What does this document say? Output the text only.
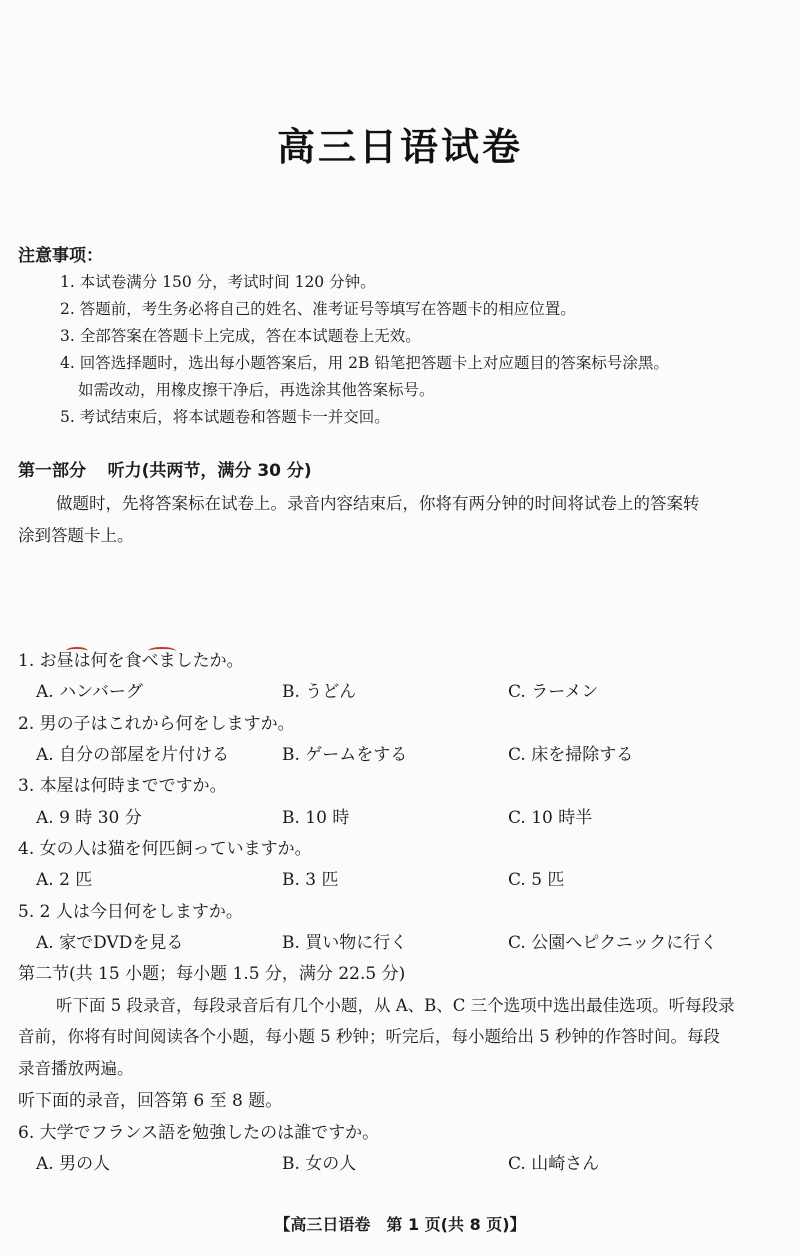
高三日语试卷
注意事项：
1. 本试卷满分 150 分，考试时间 120 分钟。
2. 答题前，考生务必将自己的姓名、准考证号等填写在答题卡的相应位置。
3. 全部答案在答题卡上完成，答在本试题卷上无效。
4. 回答选择题时，选出每小题答案后，用 2B 铅笔把答题卡上对应题目的答案标号涂黑。
如需改动，用橡皮擦干净后，再选涂其他答案标号。
5. 考试结束后，将本试题卷和答题卡一并交回。
第一部分 听力(共两节，满分 30 分)
做题时，先将答案标在试卷上。录音内容结束后，你将有两分钟的时间将试卷上的答案转
涂到答题卡上。
1. お昼は何を食べましたか。
A. ハンバーグ	B. うどん	C. ラーメン
2. 男の子はこれから何をしますか。
A. 自分の部屋を片付ける	B. ゲームをする	C. 床を掃除する
3. 本屋は何時までですか。
A. 9 時 30 分	B. 10 時	C. 10 時半
4. 女の人は猫を何匹飼っていますか。
A. 2 匹	B. 3 匹	C. 5 匹
5. 2 人は今日何をしますか。
A. 家でDVDを見る	B. 買い物に行く	C. 公園へピクニックに行く
第二节(共 15 小题；每小题 1.5 分，满分 22.5 分)
听下面 5 段录音，每段录音后有几个小题，从 A、B、C 三个选项中选出最佳选项。听每段录
音前，你将有时间阅读各个小题，每小题 5 秒钟；听完后，每小题给出 5 秒钟的作答时间。每段
录音播放两遍。
听下面的录音，回答第 6 至 8 题。
6. 大学でフランス語を勉強したのは誰ですか。
A. 男の人	B. 女の人	C. 山崎さん
【高三日语卷　第 1 页(共 8 页)】
